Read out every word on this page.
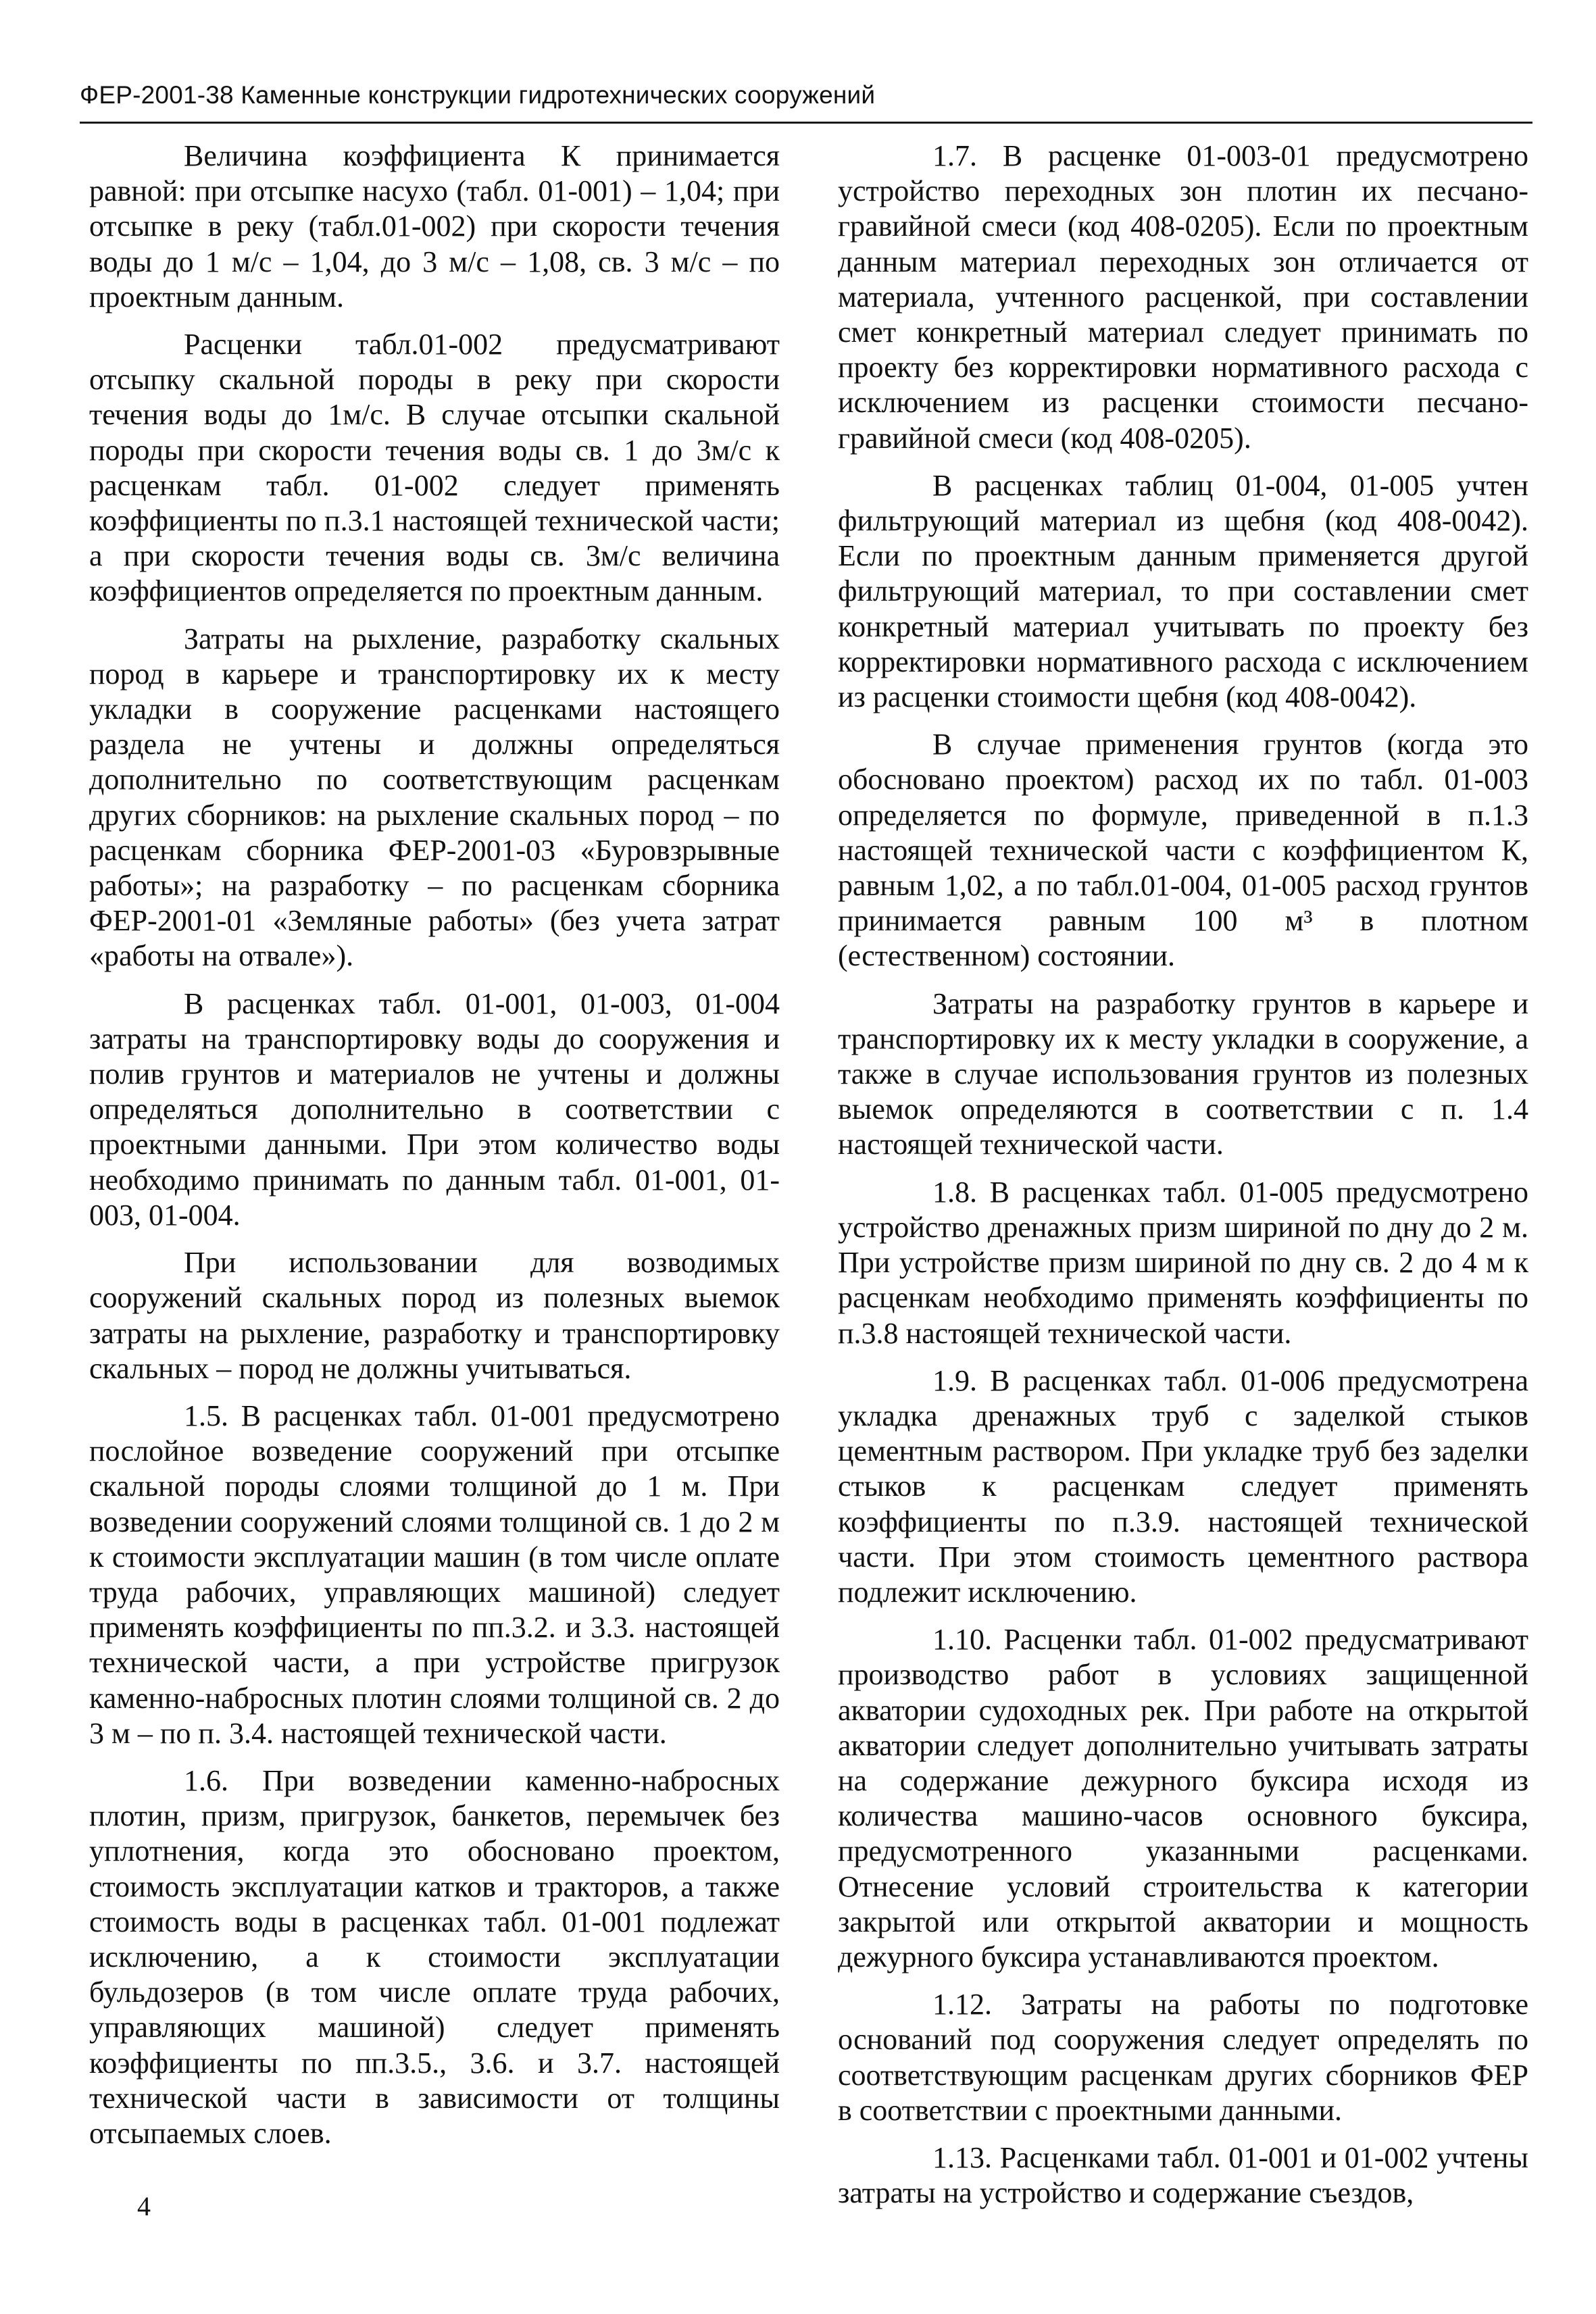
ФЕР-2001-38 Каменные конструкции гидротехнических сооружений

Величина коэффициента К принимается равной: при отсыпке насухо (табл. 01-001) – 1,04; при отсыпке в реку (табл.01-002) при скорости течения воды до 1 м/с – 1,04, до 3 м/с – 1,08, св. 3 м/с – по проектным данным.

Расценки табл.01-002 предусматривают отсыпку скальной породы в реку при скорости течения воды до 1м/с. В случае отсыпки скальной породы при скорости течения воды св. 1 до 3м/с к расценкам табл. 01-002 следует применять коэффициенты по п.3.1 настоящей технической части; а при скорости течения воды св. 3м/с величина коэффициентов определяется по проектным данным.

Затраты на рыхление, разработку скальных пород в карьере и транспортировку их к месту укладки в сооружение расценками настоящего раздела не учтены и должны определяться дополнительно по соответствующим расценкам других сборников: на рыхление скальных пород – по расценкам сборника ФЕР-2001-03 «Буровзрывные работы»; на разработку – по расценкам сборника ФЕР-2001-01 «Земляные работы» (без учета затрат «работы на отвале»).

В расценках табл. 01-001, 01-003, 01-004 затраты на транспортировку воды до сооружения и полив грунтов и материалов не учтены и должны определяться дополнительно в соответствии с проектными данными. При этом количество воды необходимо принимать по данным табл. 01-001, 01-003, 01-004.

При использовании для возводимых сооружений скальных пород из полезных выемок затраты на рыхление, разработку и транспортировку скальных – пород не должны учитываться.

1.5. В расценках табл. 01-001 предусмотрено послойное возведение сооружений при отсыпке скальной породы слоями толщиной до 1 м. При возведении сооружений слоями толщиной св. 1 до 2 м к стоимости эксплуатации машин (в том числе оплате труда рабочих, управляющих машиной) следует применять коэффициенты по пп.3.2. и 3.3. настоящей технической части, а при устройстве пригрузок каменно-набросных плотин слоями толщиной св. 2 до 3 м – по п. 3.4. настоящей технической части.

1.6. При возведении каменно-набросных плотин, призм, пригрузок, банкетов, перемычек без уплотнения, когда это обосновано проектом, стоимость эксплуатации катков и тракторов, а также стоимость воды в расценках табл. 01-001 подлежат исключению, а к стоимости эксплуатации бульдозеров (в том числе оплате труда рабочих, управляющих машиной) следует применять коэффициенты по пп.3.5., 3.6. и 3.7. настоящей технической части в зависимости от толщины отсыпаемых слоев.

1.7. В расценке 01-003-01 предусмотрено устройство переходных зон плотин их песчано-гравийной смеси (код 408-0205). Если по проектным данным материал переходных зон отличается от материала, учтенного расценкой, при составлении смет конкретный материал следует принимать по проекту без корректировки нормативного расхода с исключением из расценки стоимости песчано-гравийной смеси (код 408-0205).

В расценках таблиц 01-004, 01-005 учтен фильтрующий материал из щебня (код 408-0042). Если по проектным данным применяется другой фильтрующий материал, то при составлении смет конкретный материал учитывать по проекту без корректировки нормативного расхода с исключением из расценки стоимости щебня (код 408-0042).

В случае применения грунтов (когда это обосновано проектом) расход их по табл. 01-003 определяется по формуле, приведенной в п.1.3 настоящей технической части с коэффициентом К, равным 1,02, а по табл.01-004, 01-005 расход грунтов принимается равным 100 м³ в плотном (естественном) состоянии.

Затраты на разработку грунтов в карьере и транспортировку их к месту укладки в сооружение, а также в случае использования грунтов из полезных выемок определяются в соответствии с п. 1.4 настоящей технической части.

1.8. В расценках табл. 01-005 предусмотрено устройство дренажных призм шириной по дну до 2 м. При устройстве призм шириной по дну св. 2 до 4 м к расценкам необходимо применять коэффициенты по п.3.8 настоящей технической части.

1.9. В расценках табл. 01-006 предусмотрена укладка дренажных труб с заделкой стыков цементным раствором. При укладке труб без заделки стыков к расценкам следует применять коэффициенты по п.3.9. настоящей технической части. При этом стоимость цементного раствора подлежит исключению.

1.10. Расценки табл. 01-002 предусматривают производство работ в условиях защищенной акватории судоходных рек. При работе на открытой акватории следует дополнительно учитывать затраты на содержание дежурного буксира исходя из количества машино-часов основного буксира, предусмотренного указанными расценками. Отнесение условий строительства к категории закрытой или открытой акватории и мощность дежурного буксира устанавливаются проектом.

1.12. Затраты на работы по подготовке оснований под сооружения следует определять по соответствующим расценкам других сборников ФЕР в соответствии с проектными данными.

1.13. Расценками табл. 01-001 и 01-002 учтены затраты на устройство и содержание съездов,

4
